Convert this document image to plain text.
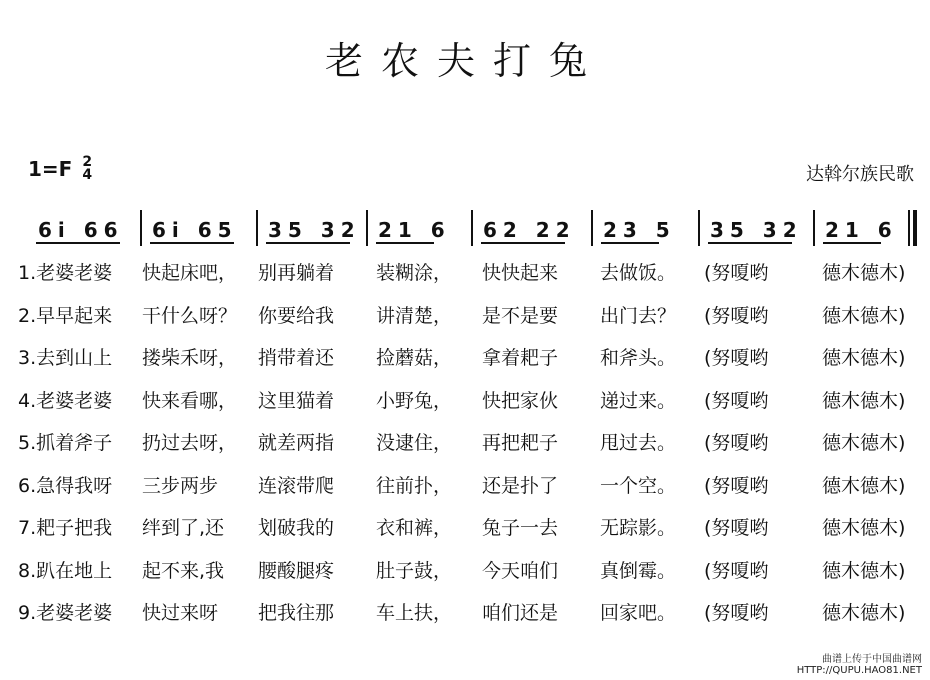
老农夫打兔
1=F 2
4	达斡尔族民歌
6i 66 6i 65 35 32 21 6 62 22 23 5 35 32 21 6
1.老婆老婆 快起床吧， 别再躺着 装糊涂， 快快起来 去做饭。 (努嗄哟	德木德木)
2.早早起来 干什么呀？ 你要给我 讲清楚， 是不是要 出门去？ (努嗄哟	德木德木)
3.去到山上 搂柴禾呀， 捎带着还 捡蘑菇， 拿着耙子 和斧头。 (努嗄哟	德木德木)
4.老婆老婆 快来看哪， 这里猫着 小野兔， 快把家伙 递过来。 (努嗄哟	德木德木)
5.抓着斧子 扔过去呀， 就差两指 没逮住， 再把耙子 甩过去。 (努嗄哟	德木德木)
6.急得我呀 三步两步 连滚带爬 往前扑， 还是扑了 一个空。 (努嗄哟	德木德木)
7.耙子把我 绊到了,还 划破我的 衣和裤， 兔子一去 无踪影。 (努嗄哟	德木德木)
8.趴在地上 起不来,我 腰酸腿疼 肚子鼓， 今天咱们 真倒霉。 (努嗄哟	德木德木)
9.老婆老婆 快过来呀 把我往那 车上扶， 咱们还是 回家吧。 (努嗄哟	德木德木)
曲谱上传于中国曲谱网
HTTP://QUPU.HAO81.NET
